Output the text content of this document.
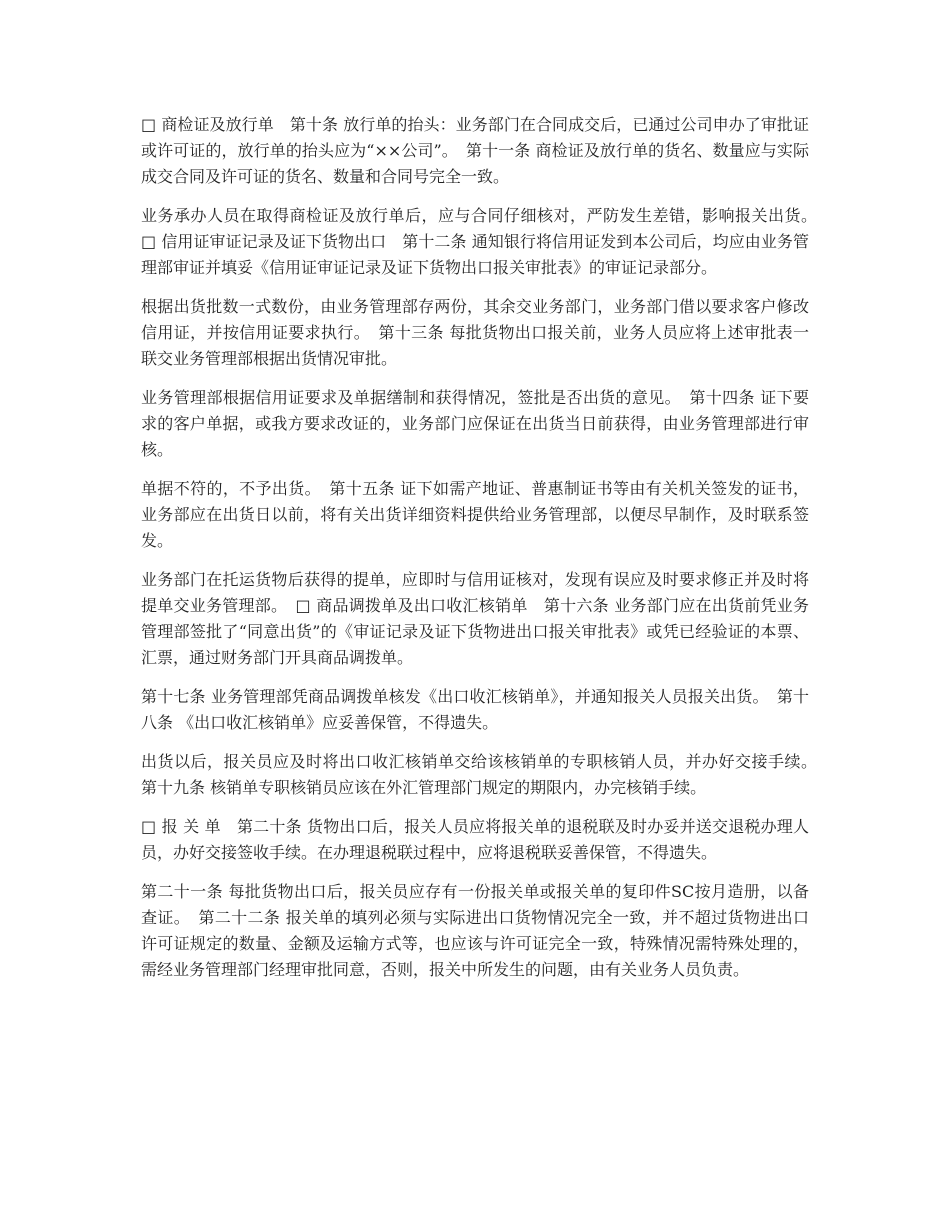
□ 商检证及放行单　第十条 放行单的抬头：业务部门在合同成交后，已通过公司申办了审批证或许可证的，放行单的抬头应为“××公司”。　第十一条 商检证及放行单的货名、数量应与实际成交合同及许可证的货名、数量和合同号完全一致。

业务承办人员在取得商检证及放行单后，应与合同仔细核对，严防发生差错，影响报关出货。　□ 信用证审证记录及证下货物出口　第十二条 通知银行将信用证发到本公司后，均应由业务管理部审证并填妥《信用证审证记录及证下货物出口报关审批表》的审证记录部分。

根据出货批数一式数份，由业务管理部存两份，其余交业务部门，业务部门借以要求客户修改信用证，并按信用证要求执行。　第十三条 每批货物出口报关前，业务人员应将上述审批表一联交业务管理部根据出货情况审批。

业务管理部根据信用证要求及单据缮制和获得情况，签批是否出货的意见。　第十四条 证下要求的客户单据，或我方要求改证的，业务部门应保证在出货当日前获得，由业务管理部进行审核。

单据不符的，不予出货。　第十五条 证下如需产地证、普惠制证书等由有关机关签发的证书，业务部应在出货日以前，将有关出货详细资料提供给业务管理部，以便尽早制作，及时联系签发。

业务部门在托运货物后获得的提单，应即时与信用证核对，发现有误应及时要求修正并及时将提单交业务管理部。　□ 商品调拨单及出口收汇核销单　第十六条 业务部门应在出货前凭业务管理部签批了“同意出货”的《审证记录及证下货物进出口报关审批表》或凭已经验证的本票、汇票，通过财务部门开具商品调拨单。

第十七条 业务管理部凭商品调拨单核发《出口收汇核销单》，并通知报关人员报关出货。　第十八条 《出口收汇核销单》应妥善保管，不得遗失。

出货以后，报关员应及时将出口收汇核销单交给该核销单的专职核销人员，并办好交接手续。　第十九条 核销单专职核销员应该在外汇管理部门规定的期限内，办完核销手续。

□ 报 关 单　第二十条 货物出口后，报关人员应将报关单的退税联及时办妥并送交退税办理人员，办好交接签收手续。在办理退税联过程中，应将退税联妥善保管，不得遗失。

第二十一条 每批货物出口后，报关员应存有一份报关单或报关单的复印件SC按月造册，以备查证。　第二十二条 报关单的填列必须与实际进出口货物情况完全一致，并不超过货物进出口许可证规定的数量、金额及运输方式等，也应该与许可证完全一致，特殊情况需特殊处理的，需经业务管理部门经理审批同意，否则，报关中所发生的问题，由有关业务人员负责。
